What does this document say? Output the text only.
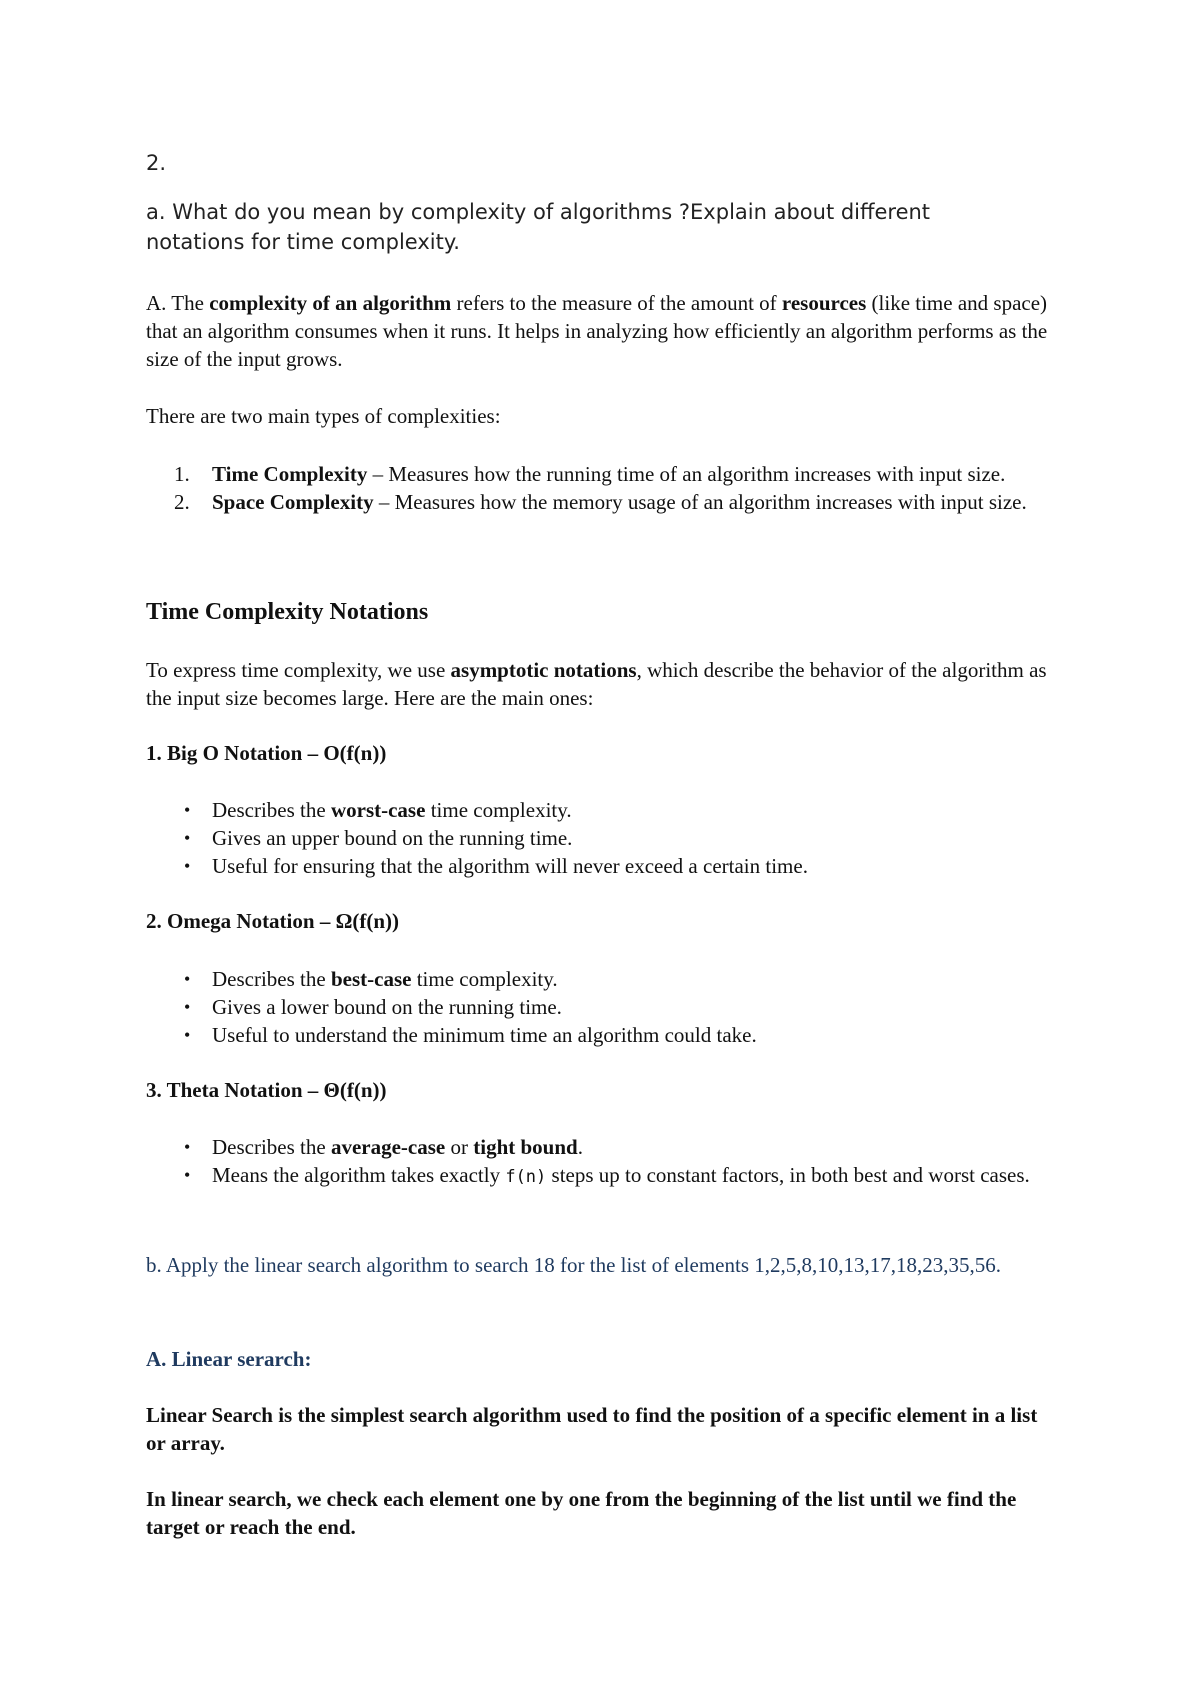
2.

a. What do you mean by complexity of algorithms ?Explain about different notations for time complexity.

A. The complexity of an algorithm refers to the measure of the amount of resources (like time and space) that an algorithm consumes when it runs. It helps in analyzing how efficiently an algorithm performs as the size of the input grows.

There are two main types of complexities:

1. Time Complexity – Measures how the running time of an algorithm increases with input size.
2. Space Complexity – Measures how the memory usage of an algorithm increases with input size.
Time Complexity Notations

To express time complexity, we use asymptotic notations, which describe the behavior of the algorithm as the input size becomes large. Here are the main ones:

1. Big O Notation – O(f(n))
• Describes the worst-case time complexity.
• Gives an upper bound on the running time.
• Useful for ensuring that the algorithm will never exceed a certain time.
2. Omega Notation – Ω(f(n))
• Describes the best-case time complexity.
• Gives a lower bound on the running time.
• Useful to understand the minimum time an algorithm could take.
3. Theta Notation – Θ(f(n))
• Describes the average-case or tight bound.
• Means the algorithm takes exactly f(n) steps up to constant factors, in both best and worst cases.

b. Apply the linear search algorithm to search 18 for the list of elements 1,2,5,8,10,13,17,18,23,35,56.

A. Linear serarch:

Linear Search is the simplest search algorithm used to find the position of a specific element in a list or array.

In linear search, we check each element one by one from the beginning of the list until we find the target or reach the end.
